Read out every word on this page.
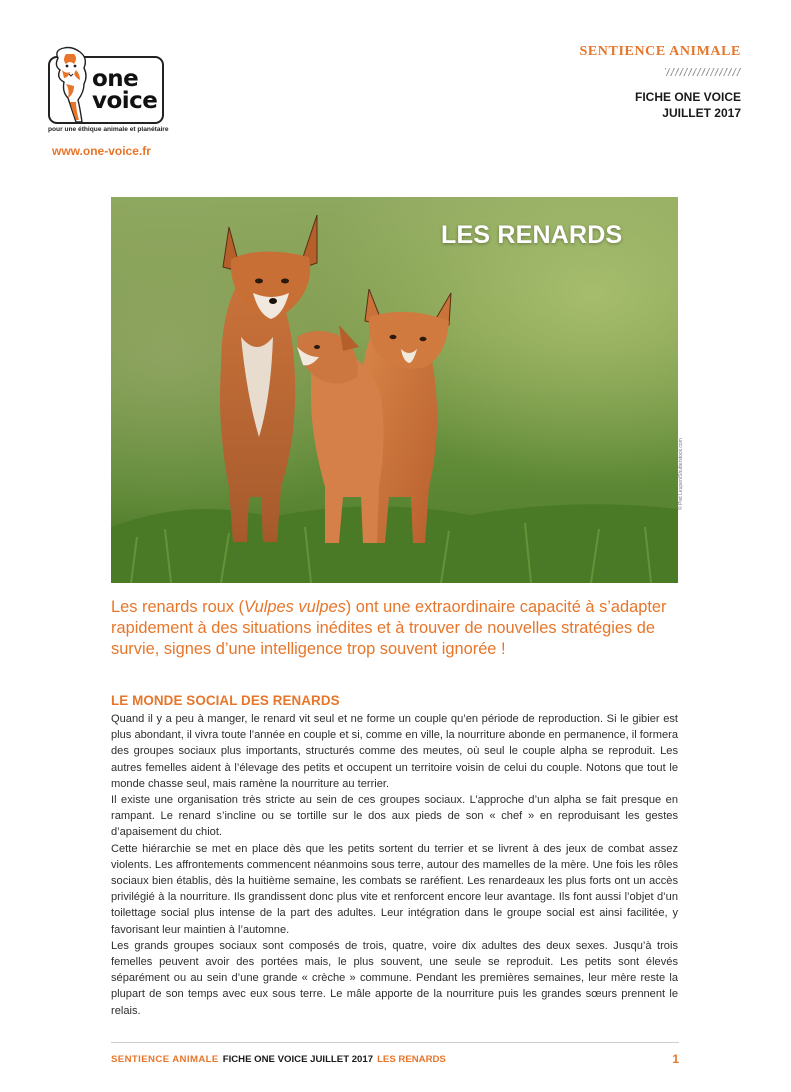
one
voice
pour une éthique animale et planétaire
www.one-voice.fr
SENTIENCE ANIMALE
FICHE ONE VOICE
JUILLET 2017
LES RENARDS
© Piet Leupen/Shutterstock.com
Les renards roux (Vulpes vulpes) ont une extraordinaire capacité à s’adapter rapidement à des situations inédites et à trouver de nouvelles stratégies de survie, signes d’une intelligence trop souvent ignorée !
LE MONDE SOCIAL DES RENARDS

Quand il y a peu à manger, le renard vit seul et ne forme un couple qu’en période de reproduction. Si le gibier est plus abondant, il vivra toute l’année en couple et si, comme en ville, la nourriture abonde en permanence, il formera des groupes sociaux plus importants, structurés comme des meutes, où seul le couple alpha se reproduit. Les autres femelles aident à l’élevage des petits et occupent un territoire voisin de celui du couple. Notons que tout le monde chasse seul, mais ramène la nourriture au terrier.

Il existe une organisation très stricte au sein de ces groupes sociaux. L’approche d’un alpha se fait presque en rampant. Le renard s’incline ou se tortille sur le dos aux pieds de son « chef » en reproduisant les gestes d’apaisement du chiot.

Cette hiérarchie se met en place dès que les petits sortent du terrier et se livrent à des jeux de combat assez violents. Les affrontements commencent néanmoins sous terre, autour des mamelles de la mère. Une fois les rôles sociaux bien établis, dès la huitième semaine, les combats se raréfient. Les renardeaux les plus forts ont un accès privilégié à la nourriture. Ils grandissent donc plus vite et renforcent encore leur avantage. Ils font aussi l’objet d’un toilettage social plus intense de la part des adultes. Leur intégration dans le groupe social est ainsi facilitée, y favorisant leur maintien à l’automne.

Les grands groupes sociaux sont composés de trois, quatre, voire dix adultes des deux sexes. Jusqu’à trois femelles peuvent avoir des portées mais, le plus souvent, une seule se reproduit. Les petits sont élevés séparément ou au sein d’une grande « crèche » commune. Pendant les premières semaines, leur mère reste la plupart de son temps avec eux sous terre. Le mâle apporte de la nourriture puis les grandes sœurs prennent le relais.

SENTIENCE ANIMALE FICHE ONE VOICE JUILLET 2017 LES RENARDS	1
